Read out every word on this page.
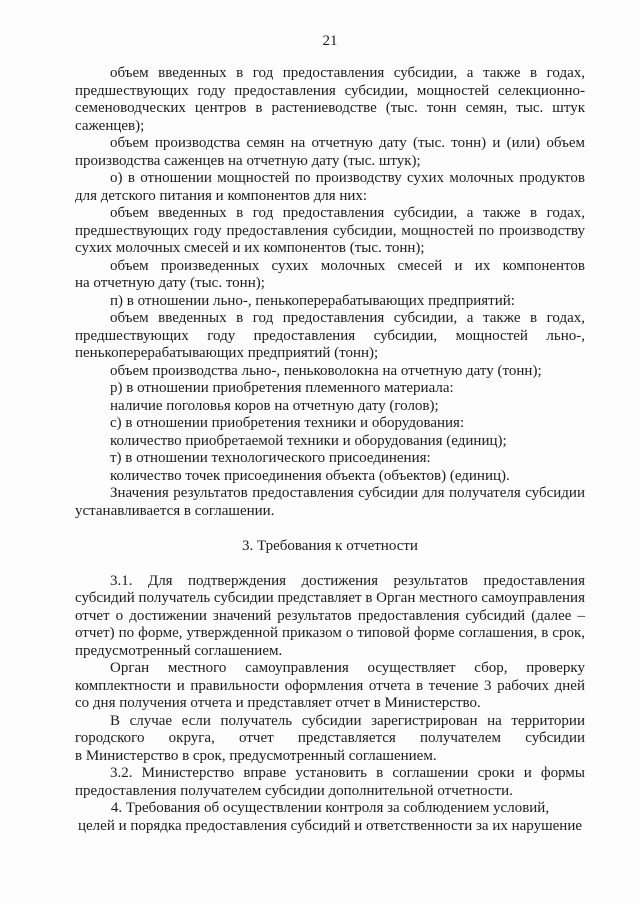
21
объем введенных в год предоставления субсидии, а также в годах,
предшествующих году предоставления субсидии, мощностей селекционно-
семеноводческих центров в растениеводстве (тыс. тонн семян, тыс. штук
саженцев);
объем производства семян на отчетную дату (тыс. тонн) и (или) объем
производства саженцев на отчетную дату (тыс. штук);
о) в отношении мощностей по производству сухих молочных продуктов
для детского питания и компонентов для них:
объем введенных в год предоставления субсидии, а также в годах,
предшествующих году предоставления субсидии, мощностей по производству
сухих молочных смесей и их компонентов (тыс. тонн);
объем произведенных сухих молочных смесей и их компонентов
на отчетную дату (тыс. тонн);
п) в отношении льно-, пенькоперерабатывающих предприятий:
объем введенных в год предоставления субсидии, а также в годах,
предшествующих году предоставления субсидии, мощностей льно-,
пенькоперерабатывающих предприятий (тонн);
объем производства льно-, пеньковолокна на отчетную дату (тонн);
р) в отношении приобретения племенного материала:
наличие поголовья коров на отчетную дату (голов);
с) в отношении приобретения техники и оборудования:
количество приобретаемой техники и оборудования (единиц);
т) в отношении технологического присоединения:
количество точек присоединения объекта (объектов) (единиц).
Значения результатов предоставления субсидии для получателя субсидии
устанавливается в соглашении.
3. Требования к отчетности
3.1. Для подтверждения достижения результатов предоставления
субсидий получатель субсидии представляет в Орган местного самоуправления
отчет о достижении значений результатов предоставления субсидий (далее –
отчет) по форме, утвержденной приказом о типовой форме соглашения, в срок,
предусмотренный соглашением.
Орган местного самоуправления осуществляет сбор, проверку
комплектности и правильности оформления отчета в течение 3 рабочих дней
со дня получения отчета и представляет отчет в Министерство.
В случае если получатель субсидии зарегистрирован на территории
городского округа, отчет представляется получателем субсидии
в Министерство в срок, предусмотренный соглашением.
3.2. Министерство вправе установить в соглашении сроки и формы
предоставления получателем субсидии дополнительной отчетности.
4. Требования об осуществлении контроля за соблюдением условий,
целей и порядка предоставления субсидий и ответственности за их нарушение
